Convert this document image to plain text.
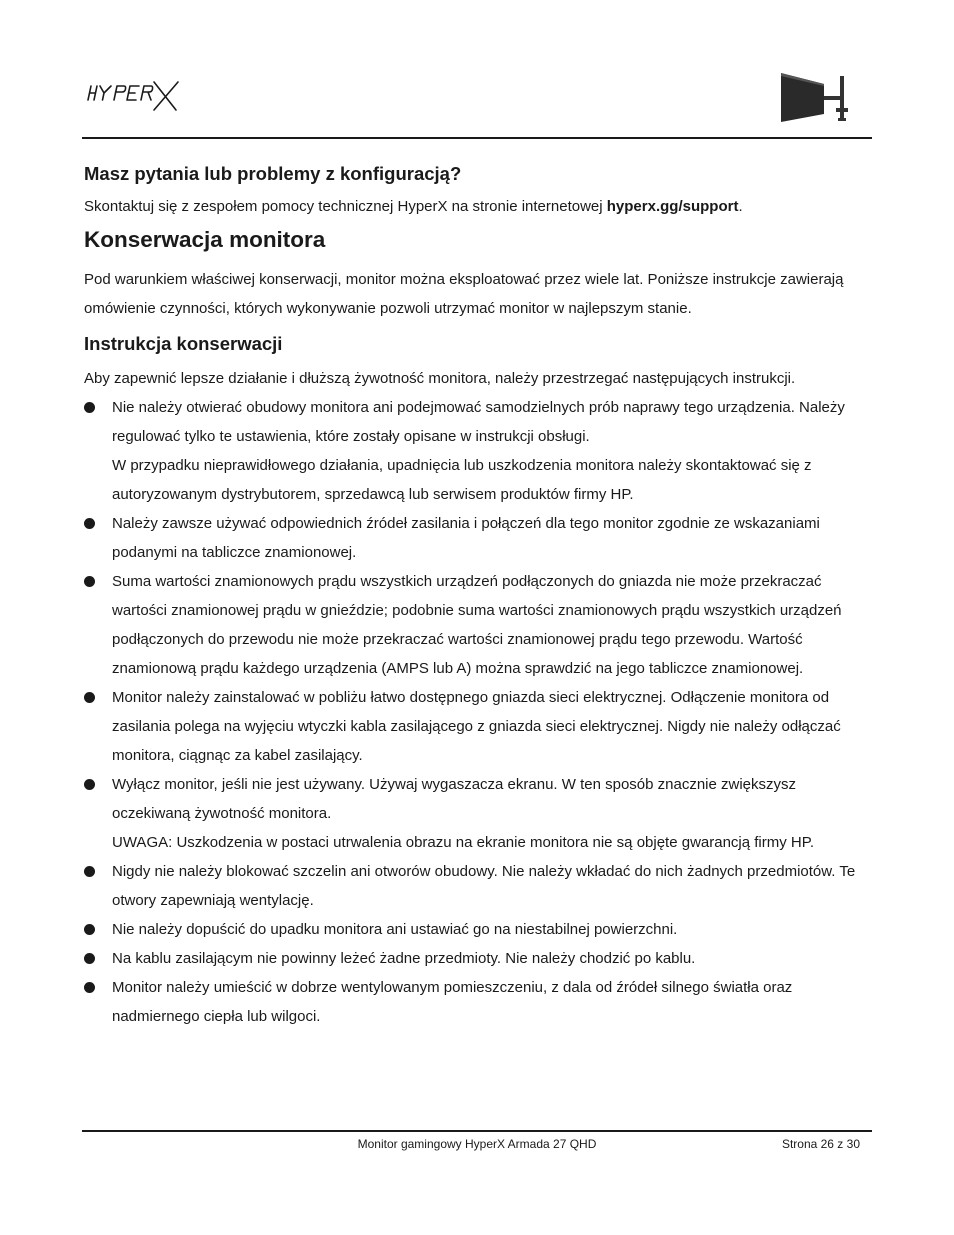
Masz pytania lub problemy z konfiguracją?

Skontaktuj się z zespołem pomocy technicznej HyperX na stronie internetowej hyperx.gg/support.

Konserwacja monitora

Pod warunkiem właściwej konserwacji, monitor można eksploatować przez wiele lat. Poniższe instrukcje zawierają omówienie czynności, których wykonywanie pozwoli utrzymać monitor w najlepszym stanie.

Instrukcja konserwacji

Aby zapewnić lepsze działanie i dłuższą żywotność monitora, należy przestrzegać następujących instrukcji.

Nie należy otwierać obudowy monitora ani podejmować samodzielnych prób naprawy tego urządzenia. Należy regulować tylko te ustawienia, które zostały opisane w instrukcji obsługi.
W przypadku nieprawidłowego działania, upadnięcia lub uszkodzenia monitora należy skontaktować się z autoryzowanym dystrybutorem, sprzedawcą lub serwisem produktów firmy HP.
Należy zawsze używać odpowiednich źródeł zasilania i połączeń dla tego monitor zgodnie ze wskazaniami podanymi na tabliczce znamionowej.
Suma wartości znamionowych prądu wszystkich urządzeń podłączonych do gniazda nie może przekraczać wartości znamionowej prądu w gnieździe; podobnie suma wartości znamionowych prądu wszystkich urządzeń podłączonych do przewodu nie może przekraczać wartości znamionowej prądu tego przewodu. Wartość znamionową prądu każdego urządzenia (AMPS lub A) można sprawdzić na jego tabliczce znamionowej.
Monitor należy zainstalować w pobliżu łatwo dostępnego gniazda sieci elektrycznej. Odłączenie monitora od zasilania polega na wyjęciu wtyczki kabla zasilającego z gniazda sieci elektrycznej. Nigdy nie należy odłączać monitora, ciągnąc za kabel zasilający.
Wyłącz monitor, jeśli nie jest używany. Używaj wygaszacza ekranu. W ten sposób znacznie zwiększysz oczekiwaną żywotność monitora.
UWAGA: Uszkodzenia w postaci utrwalenia obrazu na ekranie monitora nie są objęte gwarancją firmy HP.
Nigdy nie należy blokować szczelin ani otworów obudowy. Nie należy wkładać do nich żadnych przedmiotów. Te otwory zapewniają wentylację.
Nie należy dopuścić do upadku monitora ani ustawiać go na niestabilnej powierzchni.
Na kablu zasilającym nie powinny leżeć żadne przedmioty. Nie należy chodzić po kablu.
Monitor należy umieścić w dobrze wentylowanym pomieszczeniu, z dala od źródeł silnego światła oraz nadmiernego ciepła lub wilgoci.
Monitor gamingowy HyperX Armada 27 QHD	Strona 26 z 30
